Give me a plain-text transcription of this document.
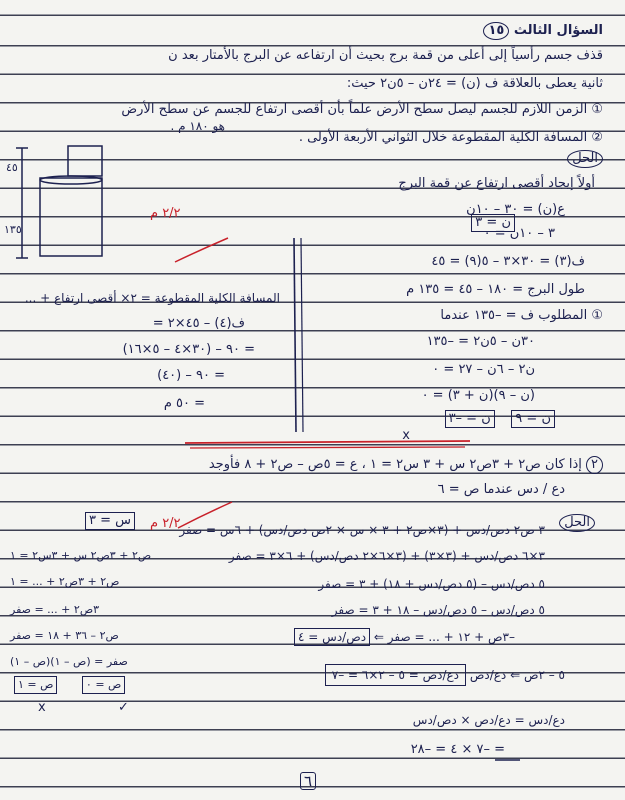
السؤال الثالث ١٥
قذف جسم رأسياً إلى أعلى من قمة برج بحيث أن ارتفاعه عن البرج بالأمتار بعد ن
ثانية يعطى بالعلاقة ف (ن) = ٢٤ن – ٥ن٢ حيث:
① الزمن اللازم للجسم ليصل سطح الأرض علماً بأن أقصى ارتفاع للجسم عن سطح الأرض
هو ١٨٠ م .
② المسافة الكلية المقطوعة خلال الثواني الأربعة الأولى .
الحل
أولاً إيجاد أقصى ارتفاع عن قمة البرج
ع(ن) = ٣٠ – ١٠ن
٣ – ١٠ن = ٠
ن = ٣
ف(٣) = ٣٠×٣ – ٥(٩) = ٤٥
طول البرج = ١٨٠ – ٤٥ = ١٣٥ م
① المطلوب ف = –١٣٥ عندما
٣٠ن – ٥ن٢ = –١٣٥
ن٢ – ٦ن – ٢٧ = ٠
(ن – ٩)(ن + ٣) = ٠
ن = ٩    ن = –٣
x
٢/٢ م
٢/٢ م
٤٥
١٣٥
المسافة الكلية المقطوعة = ٢× أقصى ارتفاع + ...
ف(٤) – ٤٥×٢ =
= ٩٠ – (٣٠×٤ – ٥×١٦)
= ٩٠ – (٤٠)
= ٥٠ م
٢ إذا كان ص٢ + ٣ص٢ س + ٣ س٢ = ١ ، ع = ٥ص – ص٢ + ٨ فأوجد
دع / دس عندما ص = ٦
الحل
س = ٣
٣ ص٢ دص/دس + (٣×ص٢ + ٣ × س × ٢ص دص/دس) + ٦س = صفر
٣×٦ دص/دس + (٣×٣) + (٣×٦×٢ دص/دس) + ٦×٣ = صفر
٥ دص/دس – (٥ دص/دس + ١٨) + ٣ = صفر
٥ دص/دس – ٥ دص/دس – ١٨ + ٣ = صفر
–٣ص + ١٢ + ... = صفر ⇐ دص/دس = ٤
٥ – ٢ص ⇐ دع/دص دع/دص = ٥ – ٢×٦ = –٧
دع/دس = دع/دص × دص/دس
= –٧ × ٤ = –٢٨
ص٢ + ٣ص٢ س + ٣س٢ = ١
ص٢ + ٣ص٢ + ... = ١
٣ص٢ + ... = صفر
ص٢ – ٣٦ + ١٨ = صفر
(ص – ١)(ص – ١) = صفر
ص = ١	ص = ٠
x	✓
٦
